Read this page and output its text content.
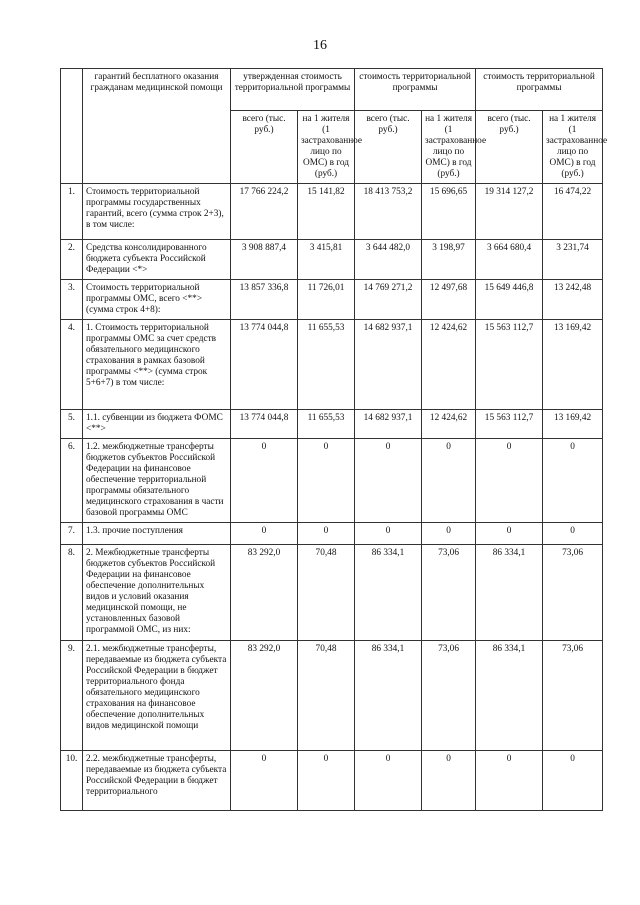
16
	гарантий бесплатного оказания гражданам медицинской помощи	утвержденная стоимость территориальной программы		стоимость территориальной программы		стоимость территориальной программы	
		всего (тыс. руб.)	на 1 жителя (1 застрахованное лицо по ОМС) в год (руб.)	всего (тыс. руб.)	на 1 жителя (1 застрахованное лицо по ОМС) в год (руб.)	всего (тыс. руб.)	на 1 жителя (1 застрахованное лицо по ОМС) в год (руб.)
1.	Стоимость территориальной программы государственных гарантий, всего (сумма строк 2+3), в том числе:	17 766 224,2	15 141,82	18 413 753,2	15 696,65	19 314 127,2	16 474,22
2.	Средства консолидированного бюджета субъекта Российской Федерации <*>	3 908 887,4	3 415,81	3 644 482,0	3 198,97	3 664 680,4	3 231,74
3.	Стоимость территориальной программы ОМС, всего <**> (сумма строк 4+8):	13 857 336,8	11 726,01	14 769 271,2	12 497,68	15 649 446,8	13 242,48
4.	1. Стоимость территориальной программы ОМС за счет средств обязательного медицинского страхования в рамках базовой программы <**> (сумма строк 5+6+7) в том числе:	13 774 044,8	11 655,53	14 682 937,1	12 424,62	15 563 112,7	13 169,42
5.	1.1. субвенции из бюджета ФОМС <**>	13 774 044,8	11 655,53	14 682 937,1	12 424,62	15 563 112,7	13 169,42
6.	1.2. межбюджетные трансферты бюджетов субъектов Российской Федерации на финансовое обеспечение территориальной программы обязательного медицинского страхования в части базовой программы ОМС	0	0	0	0	0	0
7.	1.3. прочие поступления	0	0	0	0	0	0
8.	2. Межбюджетные трансферты бюджетов субъектов Российской Федерации на финансовое обеспечение дополнительных видов и условий оказания медицинской помощи, не установленных базовой программой ОМС, из них:	83 292,0	70,48	86 334,1	73,06	86 334,1	73,06
9.	2.1. межбюджетные трансферты, передаваемые из бюджета субъекта Российской Федерации в бюджет территориального фонда обязательного медицинского страхования на финансовое обеспечение дополнительных видов медицинской помощи	83 292,0	70,48	86 334,1	73,06	86 334,1	73,06
10.	2.2. межбюджетные трансферты, передаваемые из бюджета субъекта Российской Федерации в бюджет территориального	0	0	0	0	0	0
